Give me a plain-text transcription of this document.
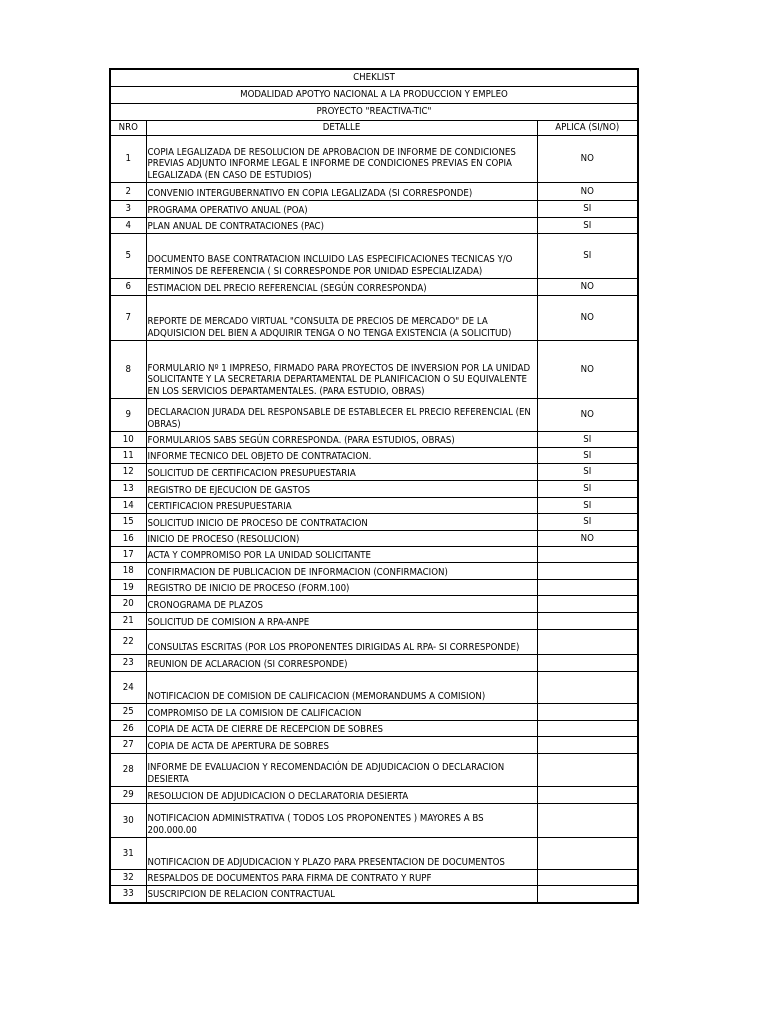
CHEKLIST		
MODALIDAD APOTYO NACIONAL A LA PRODUCCION Y EMPLEO		
PROYECTO "REACTIVA-TIC"		
NRO	DETALLE	APLICA (SI/NO)
1	COPIA LEGALIZADA DE RESOLUCION DE APROBACION DE INFORME DE CONDICIONES PREVIAS ADJUNTO INFORME LEGAL E INFORME DE CONDICIONES PREVIAS EN COPIA LEGALIZADA (EN CASO DE ESTUDIOS)	NO
2	CONVENIO INTERGUBERNATIVO EN COPIA LEGALIZADA (SI CORRESPONDE)	NO
3	PROGRAMA OPERATIVO ANUAL (POA)	SI
4	PLAN ANUAL DE CONTRATACIONES (PAC)	SI
5	DOCUMENTO BASE CONTRATACION INCLUIDO LAS ESPECIFICACIONES TECNICAS Y/O TERMINOS DE REFERENCIA ( SI CORRESPONDE POR UNIDAD ESPECIALIZADA)	SI
6	ESTIMACION DEL PRECIO REFERENCIAL (SEGÚN CORRESPONDA)	NO
7	REPORTE DE MERCADO VIRTUAL "CONSULTA DE PRECIOS DE MERCADO" DE LA ADQUISICION DEL BIEN A ADQUIRIR TENGA O NO TENGA EXISTENCIA (A SOLICITUD)	NO
8	FORMULARIO Nº 1 IMPRESO, FIRMADO PARA PROYECTOS DE INVERSION POR LA UNIDAD SOLICITANTE Y LA SECRETARIA DEPARTAMENTAL DE PLANIFICACION O SU EQUIVALENTE EN LOS SERVICIOS DEPARTAMENTALES. (PARA ESTUDIO, OBRAS)	NO
9	DECLARACION JURADA DEL RESPONSABLE DE ESTABLECER EL PRECIO REFERENCIAL (EN OBRAS)	NO
10	FORMULARIOS SABS SEGÚN CORRESPONDA. (PARA ESTUDIOS, OBRAS)	SI
11	INFORME TECNICO DEL OBJETO DE CONTRATACION.	SI
12	SOLICITUD DE CERTIFICACION PRESUPUESTARIA	SI
13	REGISTRO DE EJECUCION DE GASTOS	SI
14	CERTIFICACION PRESUPUESTARIA	SI
15	SOLICITUD INICIO DE PROCESO DE CONTRATACION	SI
16	INICIO DE PROCESO (RESOLUCION)	NO
17	ACTA Y COMPROMISO POR LA UNIDAD SOLICITANTE	
18	CONFIRMACION DE PUBLICACION DE INFORMACION (CONFIRMACION)	
19	REGISTRO DE INICIO DE PROCESO (FORM.100)	
20	CRONOGRAMA DE PLAZOS	
21	SOLICITUD DE COMISION A RPA-ANPE	
22	CONSULTAS ESCRITAS (POR LOS PROPONENTES DIRIGIDAS AL RPA- SI CORRESPONDE)	
23	REUNION DE ACLARACION (SI CORRESPONDE)	
24	NOTIFICACION DE COMISION DE CALIFICACION (MEMORANDUMS A COMISION)	
25	COMPROMISO DE LA COMISION DE CALIFICACION	
26	COPIA DE ACTA DE CIERRE DE RECEPCION DE SOBRES	
27	COPIA DE ACTA DE APERTURA DE SOBRES	
28	INFORME DE EVALUACION Y RECOMENDACIÓN DE ADJUDICACION O DECLARACION DESIERTA	
29	RESOLUCION DE ADJUDICACION O DECLARATORIA DESIERTA	
30	NOTIFICACION ADMINISTRATIVA ( TODOS LOS PROPONENTES ) MAYORES A BS 200.000.00	
31	NOTIFICACION DE ADJUDICACION Y PLAZO PARA PRESENTACION DE DOCUMENTOS	
32	RESPALDOS DE DOCUMENTOS PARA FIRMA DE CONTRATO Y RUPF	
33	SUSCRIPCION DE RELACION CONTRACTUAL	
